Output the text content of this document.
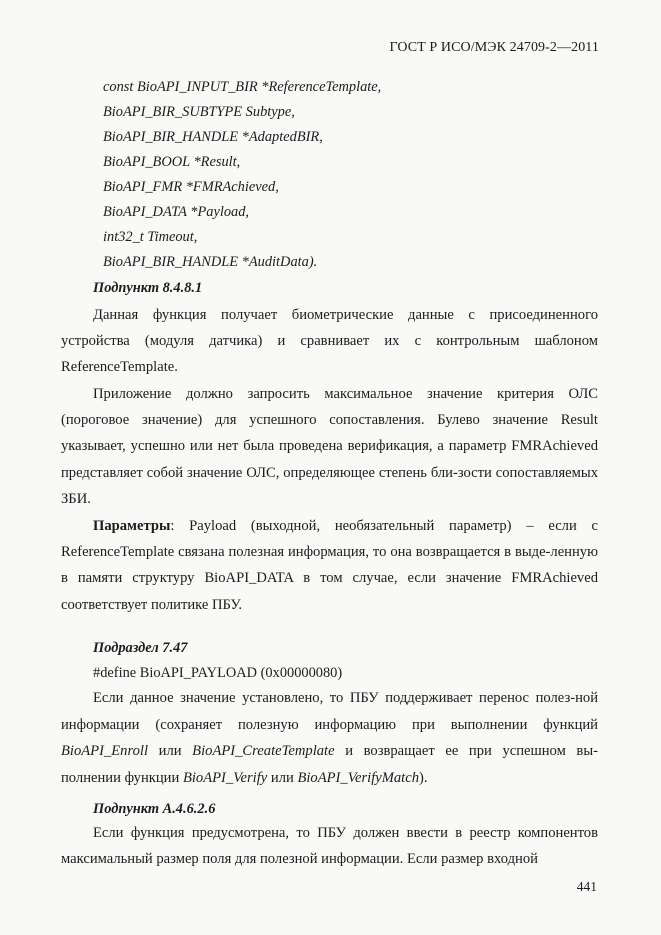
ГОСТ Р ИСО/МЭК 24709-2—2011
const BioAPI_INPUT_BIR *ReferenceTemplate,
BioAPI_BIR_SUBTYPE Subtype,
BioAPI_BIR_HANDLE *AdaptedBIR,
BioAPI_BOOL *Result,
BioAPI_FMR *FMRAchieved,
BioAPI_DATA *Payload,
int32_t Timeout,
BioAPI_BIR_HANDLE *AuditData).
Подпункт 8.4.8.1
Данная функция получает биометрические данные с присоединенного устройства (модуля датчика) и сравнивает их с контрольным шаблоном ReferenceTemplate.
Приложение должно запросить максимальное значение критерия ОЛС (пороговое значение) для успешного сопоставления. Булево значение Result указывает, успешно или нет была проведена верификация, а параметр FMRAchieved представляет собой значение ОЛС, определяющее степень бли-зости сопоставляемых ЗБИ.
Параметры: Payload (выходной, необязательный параметр) – если с ReferenceTemplate связана полезная информация, то она возвращается в выде-ленную в памяти структуру BioAPI_DATA в том случае, если значение FMRAchieved соответствует политике ПБУ.
Подраздел 7.47
#define BioAPI_PAYLOAD (0x00000080)
Если данное значение установлено, то ПБУ поддерживает перенос полез-ной информации (сохраняет полезную информацию при выполнении функций BioAPI_Enroll или BioAPI_CreateTemplate и возвращает ее при успешном вы-полнении функции BioAPI_Verify или BioAPI_VerifyMatch).
Подпункт A.4.6.2.6
Если функция предусмотрена, то ПБУ должен ввести в реестр компонентов максимальный размер поля для полезной информации. Если размер входной
441
